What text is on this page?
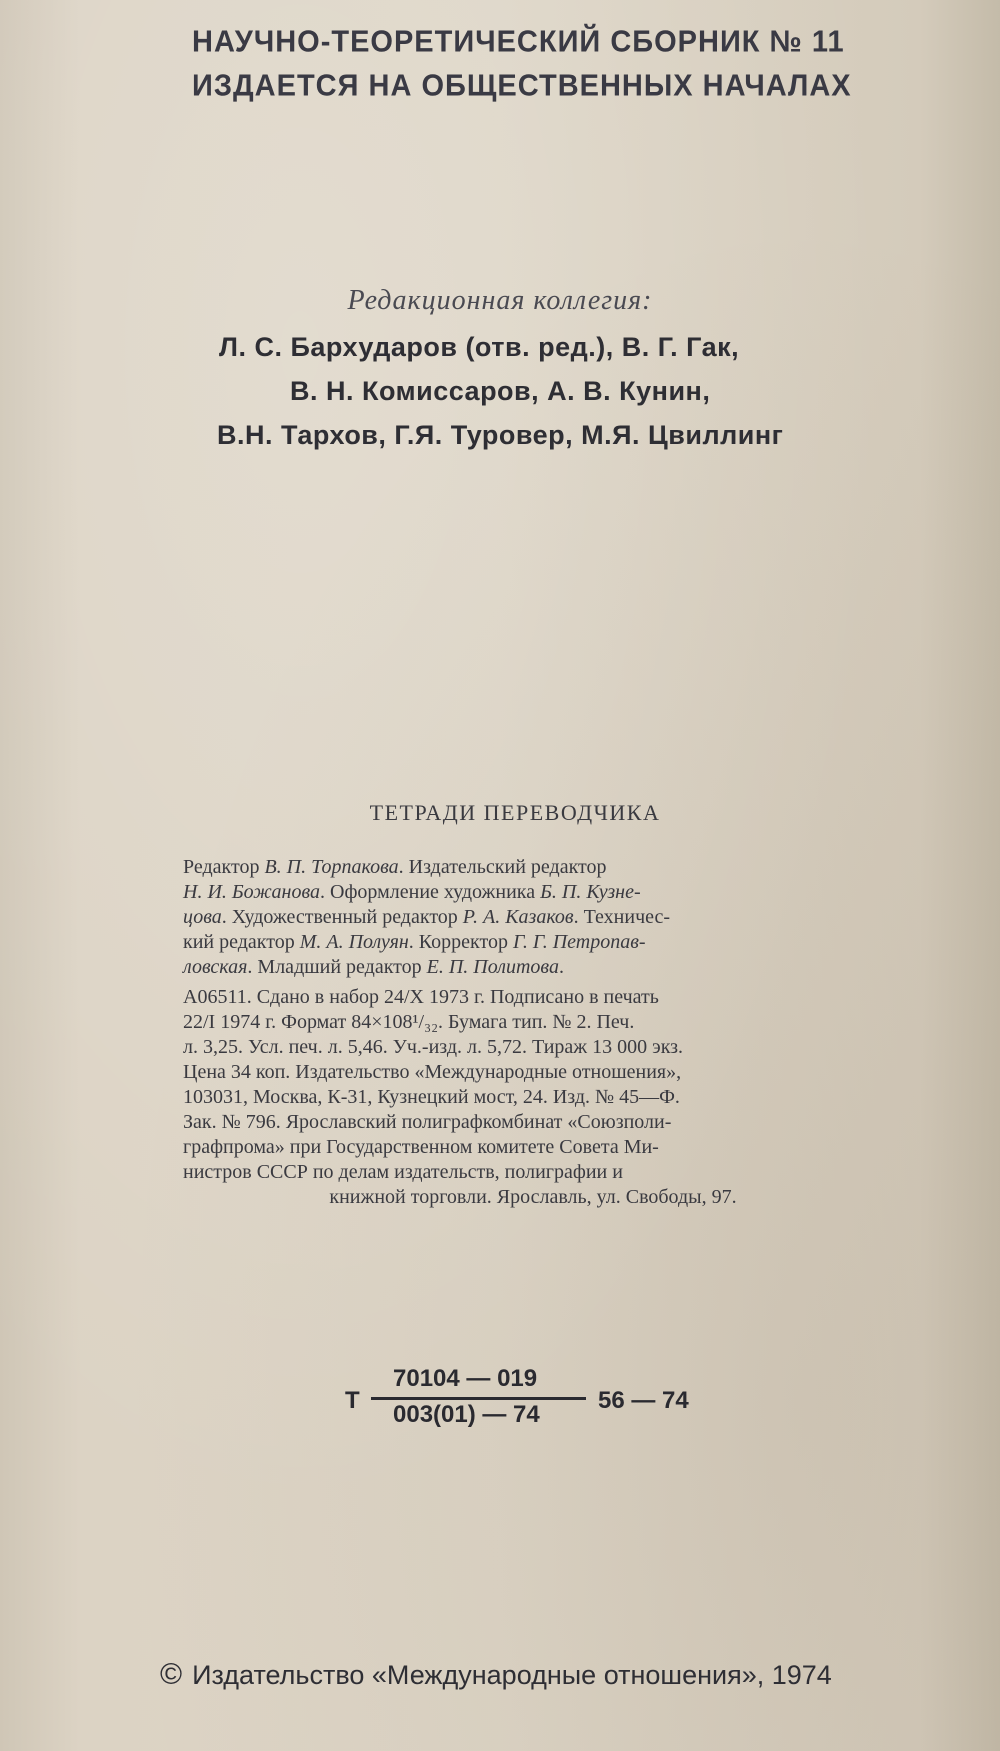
НАУЧНО-ТЕОРЕТИЧЕСКИЙ СБОРНИК № 11
ИЗДАЕТСЯ НА ОБЩЕСТВЕННЫХ НАЧАЛАХ
Редакционная коллегия:
Л. С. Бархударов (отв. ред.), В. Г. Гак,
В. Н. Комиссаров, А. В. Кунин,
В.Н. Тархов, Г.Я. Туровер, М.Я. Цвиллинг
ТЕТРАДИ ПЕРЕВОДЧИКА
Редактор В. П. Торпакова. Издательский редактор
Н. И. Божанова. Оформление художника Б. П. Кузне-
цова. Художественный редактор Р. А. Казаков. Техничес-
кий редактор М. А. Полуян. Корректор Г. Г. Петропав-
ловская. Младший редактор Е. П. Политова.
А06511. Сдано в набор 24/X 1973 г. Подписано в печать
22/I 1974 г. Формат 84×108¹/₃₂. Бумага тип. № 2. Печ.
л. 3,25. Усл. печ. л. 5,46. Уч.-изд. л. 5,72. Тираж 13 000 экз.
Цена 34 коп. Издательство «Международные отношения»,
103031, Москва, К-31, Кузнецкий мост, 24. Изд. № 45—Ф.
Зак. № 796. Ярославский полиграфкомбинат «Союзполи-
графпрома» при Государственном комитете Совета Ми-
нистров СССР по делам издательств, полиграфии и
книжной торговли. Ярославль, ул. Свободы, 97.
Т
70104 — 019
003(01) — 74
56 — 74
© Издательство «Международные отношения», 1974
